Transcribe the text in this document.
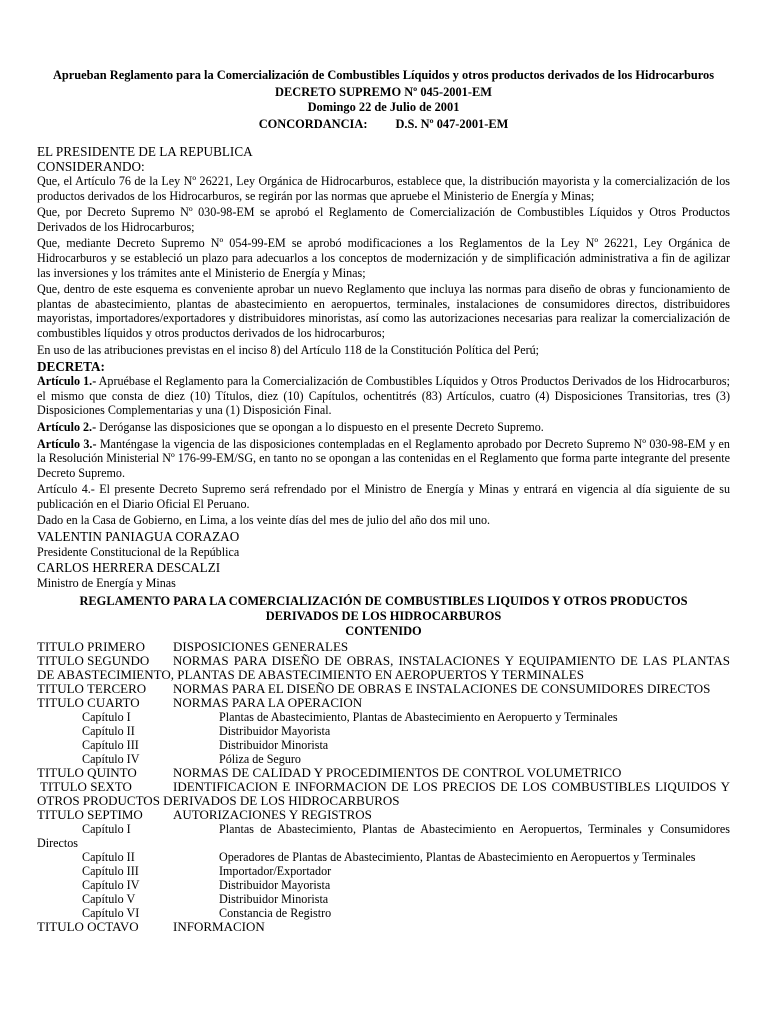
Aprueban Reglamento para la Comercialización de Combustibles Líquidos y otros productos derivados de los Hidrocarburos

DECRETO SUPREMO Nº 045-2001-EM

Domingo 22 de Julio de 2001

CONCORDANCIA: D.S. Nº 047-2001-EM

EL PRESIDENTE DE LA REPUBLICA

CONSIDERANDO:

Que, el Artículo 76 de la Ley Nº 26221, Ley Orgánica de Hidrocarburos, establece que, la distribución mayorista y la comercialización de los productos derivados de los Hidrocarburos, se regirán por las normas que apruebe el Ministerio de Energía y Minas;

Que, por Decreto Supremo Nº 030-98-EM se aprobó el Reglamento de Comercialización de Combustibles Líquidos y Otros Productos Derivados de los Hidrocarburos;

Que, mediante Decreto Supremo Nº 054-99-EM se aprobó modificaciones a los Reglamentos de la Ley Nº 26221, Ley Orgánica de Hidrocarburos y se estableció un plazo para adecuarlos a los conceptos de modernización y de simplificación administrativa a fin de agilizar las inversiones y los trámites ante el Ministerio de Energía y Minas;

Que, dentro de este esquema es conveniente aprobar un nuevo Reglamento que incluya las normas para diseño de obras y funcionamiento de plantas de abastecimiento, plantas de abastecimiento en aeropuertos, terminales, instalaciones de consumidores directos, distribuidores mayoristas, importadores/exportadores y distribuidores minoristas, así como las autorizaciones necesarias para realizar la comercialización de combustibles líquidos y otros productos derivados de los hidrocarburos;

En uso de las atribuciones previstas en el inciso 8) del Artículo 118 de la Constitución Política del Perú;

DECRETA:

Artículo 1.- Apruébase el Reglamento para la Comercialización de Combustibles Líquidos y Otros Productos Derivados de los Hidrocarburos; el mismo que consta de diez (10) Títulos, diez (10) Capítulos, ochentitrés (83) Artículos, cuatro (4) Disposiciones Transitorias, tres (3) Disposiciones Complementarias y una (1) Disposición Final.

Artículo 2.- Deróganse las disposiciones que se opongan a lo dispuesto en el presente Decreto Supremo.

Artículo 3.- Manténgase la vigencia de las disposiciones contempladas en el Reglamento aprobado por Decreto Supremo Nº 030-98-EM y en la Resolución Ministerial Nº 176-99-EM/SG, en tanto no se opongan a las contenidas en el Reglamento que forma parte integrante del presente Decreto Supremo.

Artículo 4.- El presente Decreto Supremo será refrendado por el Ministro de Energía y Minas y entrará en vigencia al día siguiente de su publicación en el Diario Oficial El Peruano.

Dado en la Casa de Gobierno, en Lima, a los veinte días del mes de julio del año dos mil uno.

VALENTIN PANIAGUA CORAZAO

Presidente Constitucional de la República

CARLOS HERRERA DESCALZI

Ministro de Energía y Minas

REGLAMENTO PARA LA COMERCIALIZACIÓN DE COMBUSTIBLES LIQUIDOS Y OTROS PRODUCTOS
DERIVADOS DE LOS HIDROCARBUROS

CONTENIDO

TITULO PRIMERO DISPOSICIONES GENERALES

TITULO SEGUNDO NORMAS PARA DISEÑO DE OBRAS, INSTALACIONES Y EQUIPAMIENTO DE LAS PLANTAS DE ABASTECIMIENTO, PLANTAS DE ABASTECIMIENTO EN AEROPUERTOS Y TERMINALES

TITULO TERCERO NORMAS PARA EL DISEÑO DE OBRAS E INSTALACIONES DE CONSUMIDORES DIRECTOS

TITULO CUARTO	NORMAS PARA LA OPERACION

Capítulo I	Plantas de Abastecimiento, Plantas de Abastecimiento en Aeropuerto y Terminales

Capítulo II	Distribuidor Mayorista

Capítulo III	Distribuidor Minorista

Capítulo IV	Póliza de Seguro

TITULO QUINTO	NORMAS DE CALIDAD Y PROCEDIMIENTOS DE CONTROL VOLUMETRICO

TITULO SEXTO	IDENTIFICACION E INFORMACION DE LOS PRECIOS DE LOS COMBUSTIBLES LIQUIDOS Y OTROS PRODUCTOS DERIVADOS DE LOS HIDROCARBUROS

TITULO SEPTIMO AUTORIZACIONES Y REGISTROS

Capítulo I	Plantas de Abastecimiento, Plantas de Abastecimiento en Aeropuertos, Terminales y Consumidores Directos

Capítulo II	Operadores de Plantas de Abastecimiento, Plantas de Abastecimiento en Aeropuertos y Terminales

Capítulo III	Importador/Exportador

Capítulo IV	Distribuidor Mayorista

Capítulo V	Distribuidor Minorista

Capítulo VI	Constancia de Registro

TITULO OCTAVO	INFORMACION
